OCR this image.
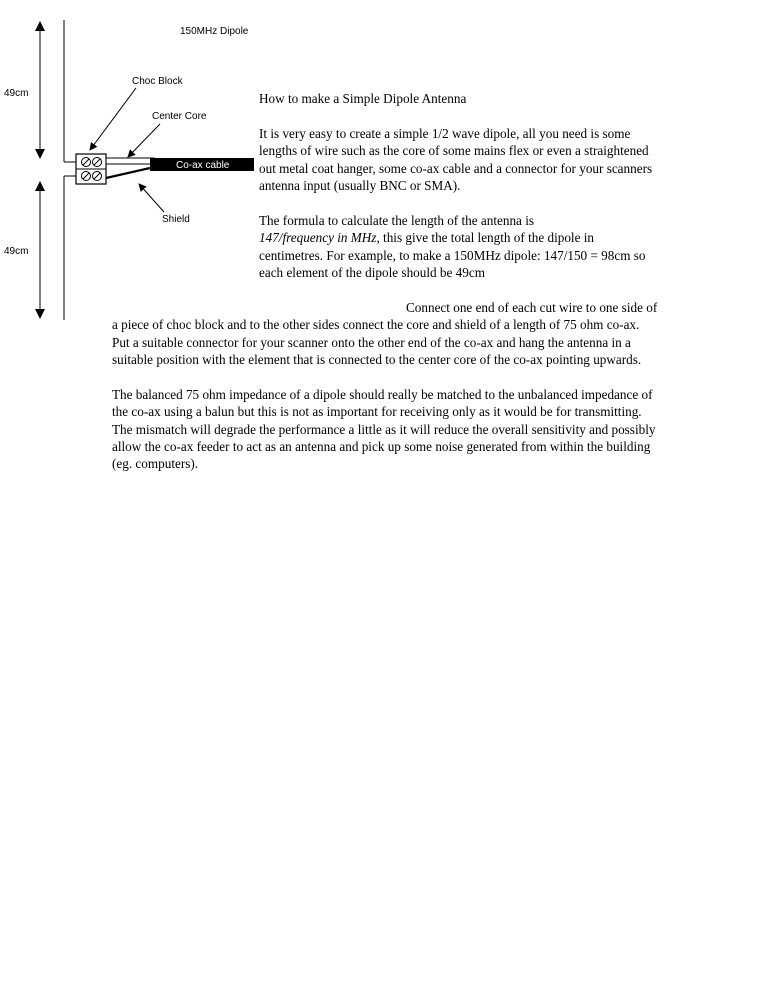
150MHz Dipole
49cm
49cm
Co-ax cable
Choc Block
Center Core
Shield

How to make a Simple Dipole Antenna

It is very easy to create a simple 1/2 wave dipole, all you need is some lengths of wire such as the core of some mains flex or even a straightened out metal coat hanger, some co-ax cable and a connector for your scanners antenna input (usually BNC or SMA).

The formula to calculate the length of the antenna is
147/frequency in MHz, this give the total length of the dipole in centimetres. For example, to make a 150MHz dipole: 147/150 = 98cm so each element of the dipole should be 49cm

Connect one end of each cut wire to one side of a piece of choc block and to the other sides connect the core and shield of a length of 75 ohm co-ax. Put a suitable connector for your scanner onto the other end of the co-ax and hang the antenna in a suitable position with the element that is connected to the center core of the co-ax pointing upwards.

The balanced 75 ohm impedance of a dipole should really be matched to the unbalanced impedance of the co-ax using a balun but this is not as important for receiving only as it would be for transmitting. The mismatch will degrade the performance a little as it will reduce the overall sensitivity and possibly allow the co-ax feeder to act as an antenna and pick up some noise generated from within the building (eg. computers).
